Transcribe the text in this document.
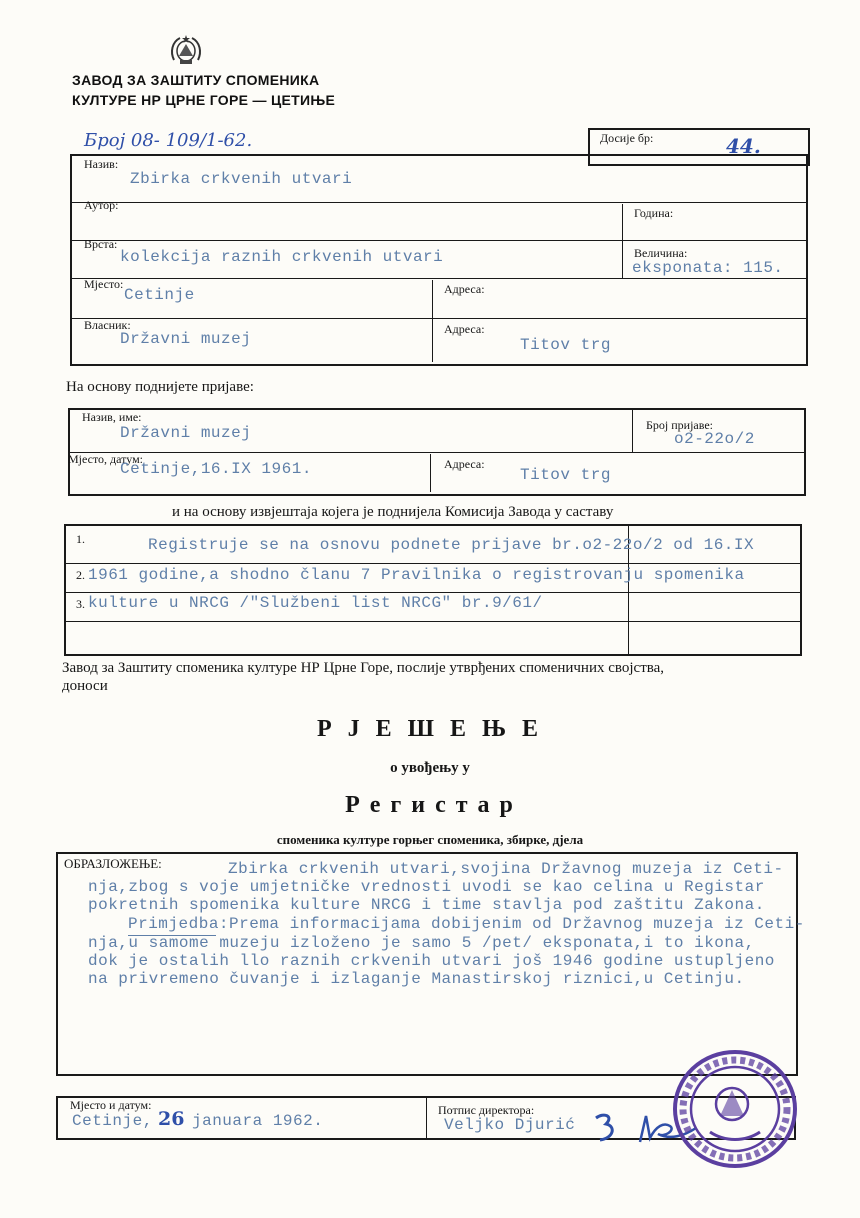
ЗАВОД ЗА ЗАШТИТУ СПОМЕНИКА
КУЛТУРЕ НР ЦРНЕ ГОРЕ — ЦЕТИЊЕ
Број 08- 109/1-62.	Досије бр:	44.
Назив:
Zbirka crkvenih utvari
Аутор:
Година:
Врста:
kolekcija raznih crkvenih utvari	Величина:
eksponata: 115.
Мјесто:
Cetinje	Адреса:
Власник:
Državni muzej
Адреса:
Titov trg
На основу поднијете пријаве:
Назив, име:
Državni muzej	Број пријаве:
o2-22o/2
Мјесто, датум:
Cetinje,16.IX 1961.	Адреса:
Titov trg
и на основу извјештаја којега је поднијела Комисија Завода у саставу
1.	Registruje se na osnovu podnete prijave br.o2-22o/2 od 16.IX
2. 1961 godine,a shodno članu 7 Pravilnika o registrovanju spomenika
3. kulture u NRCG /"Službeni list NRCG" br.9/61/
Завод за Заштиту споменика културе НР Црне Горе, послије утврђених споменичних својства,
доноси
Р Ј Е Ш Е Њ Е
о увођењу у
Р е г и с т а р
споменика културе горњег споменика, збирке, дјела
ОБРАЗЛОЖЕЊЕ:	Zbirka crkvenih utvari,svojina Državnog muzeja iz Ceti-
nja,zbog s voje umjetničke vrednosti uvodi se kao celina u Registar
pokretnih spomenika kulture NRCG i time stavlja pod zaštitu Zakona.
Primjedba:Prema informacijama dobijenim od Državnog muzeja iz Ceti-
nja,u samome muzeju izloženo je samo 5 /pet/ eksponata,i to ikona,
dok je ostalih llo raznih crkvenih utvari još 1946 godine ustupljeno
na privremeno čuvanje i izlaganje Manastirskoj riznici,u Cetinju.
Мјесто и датум:
Cetinje, 26 januara 1962.
Потпис директора:
Veljko Djurić
